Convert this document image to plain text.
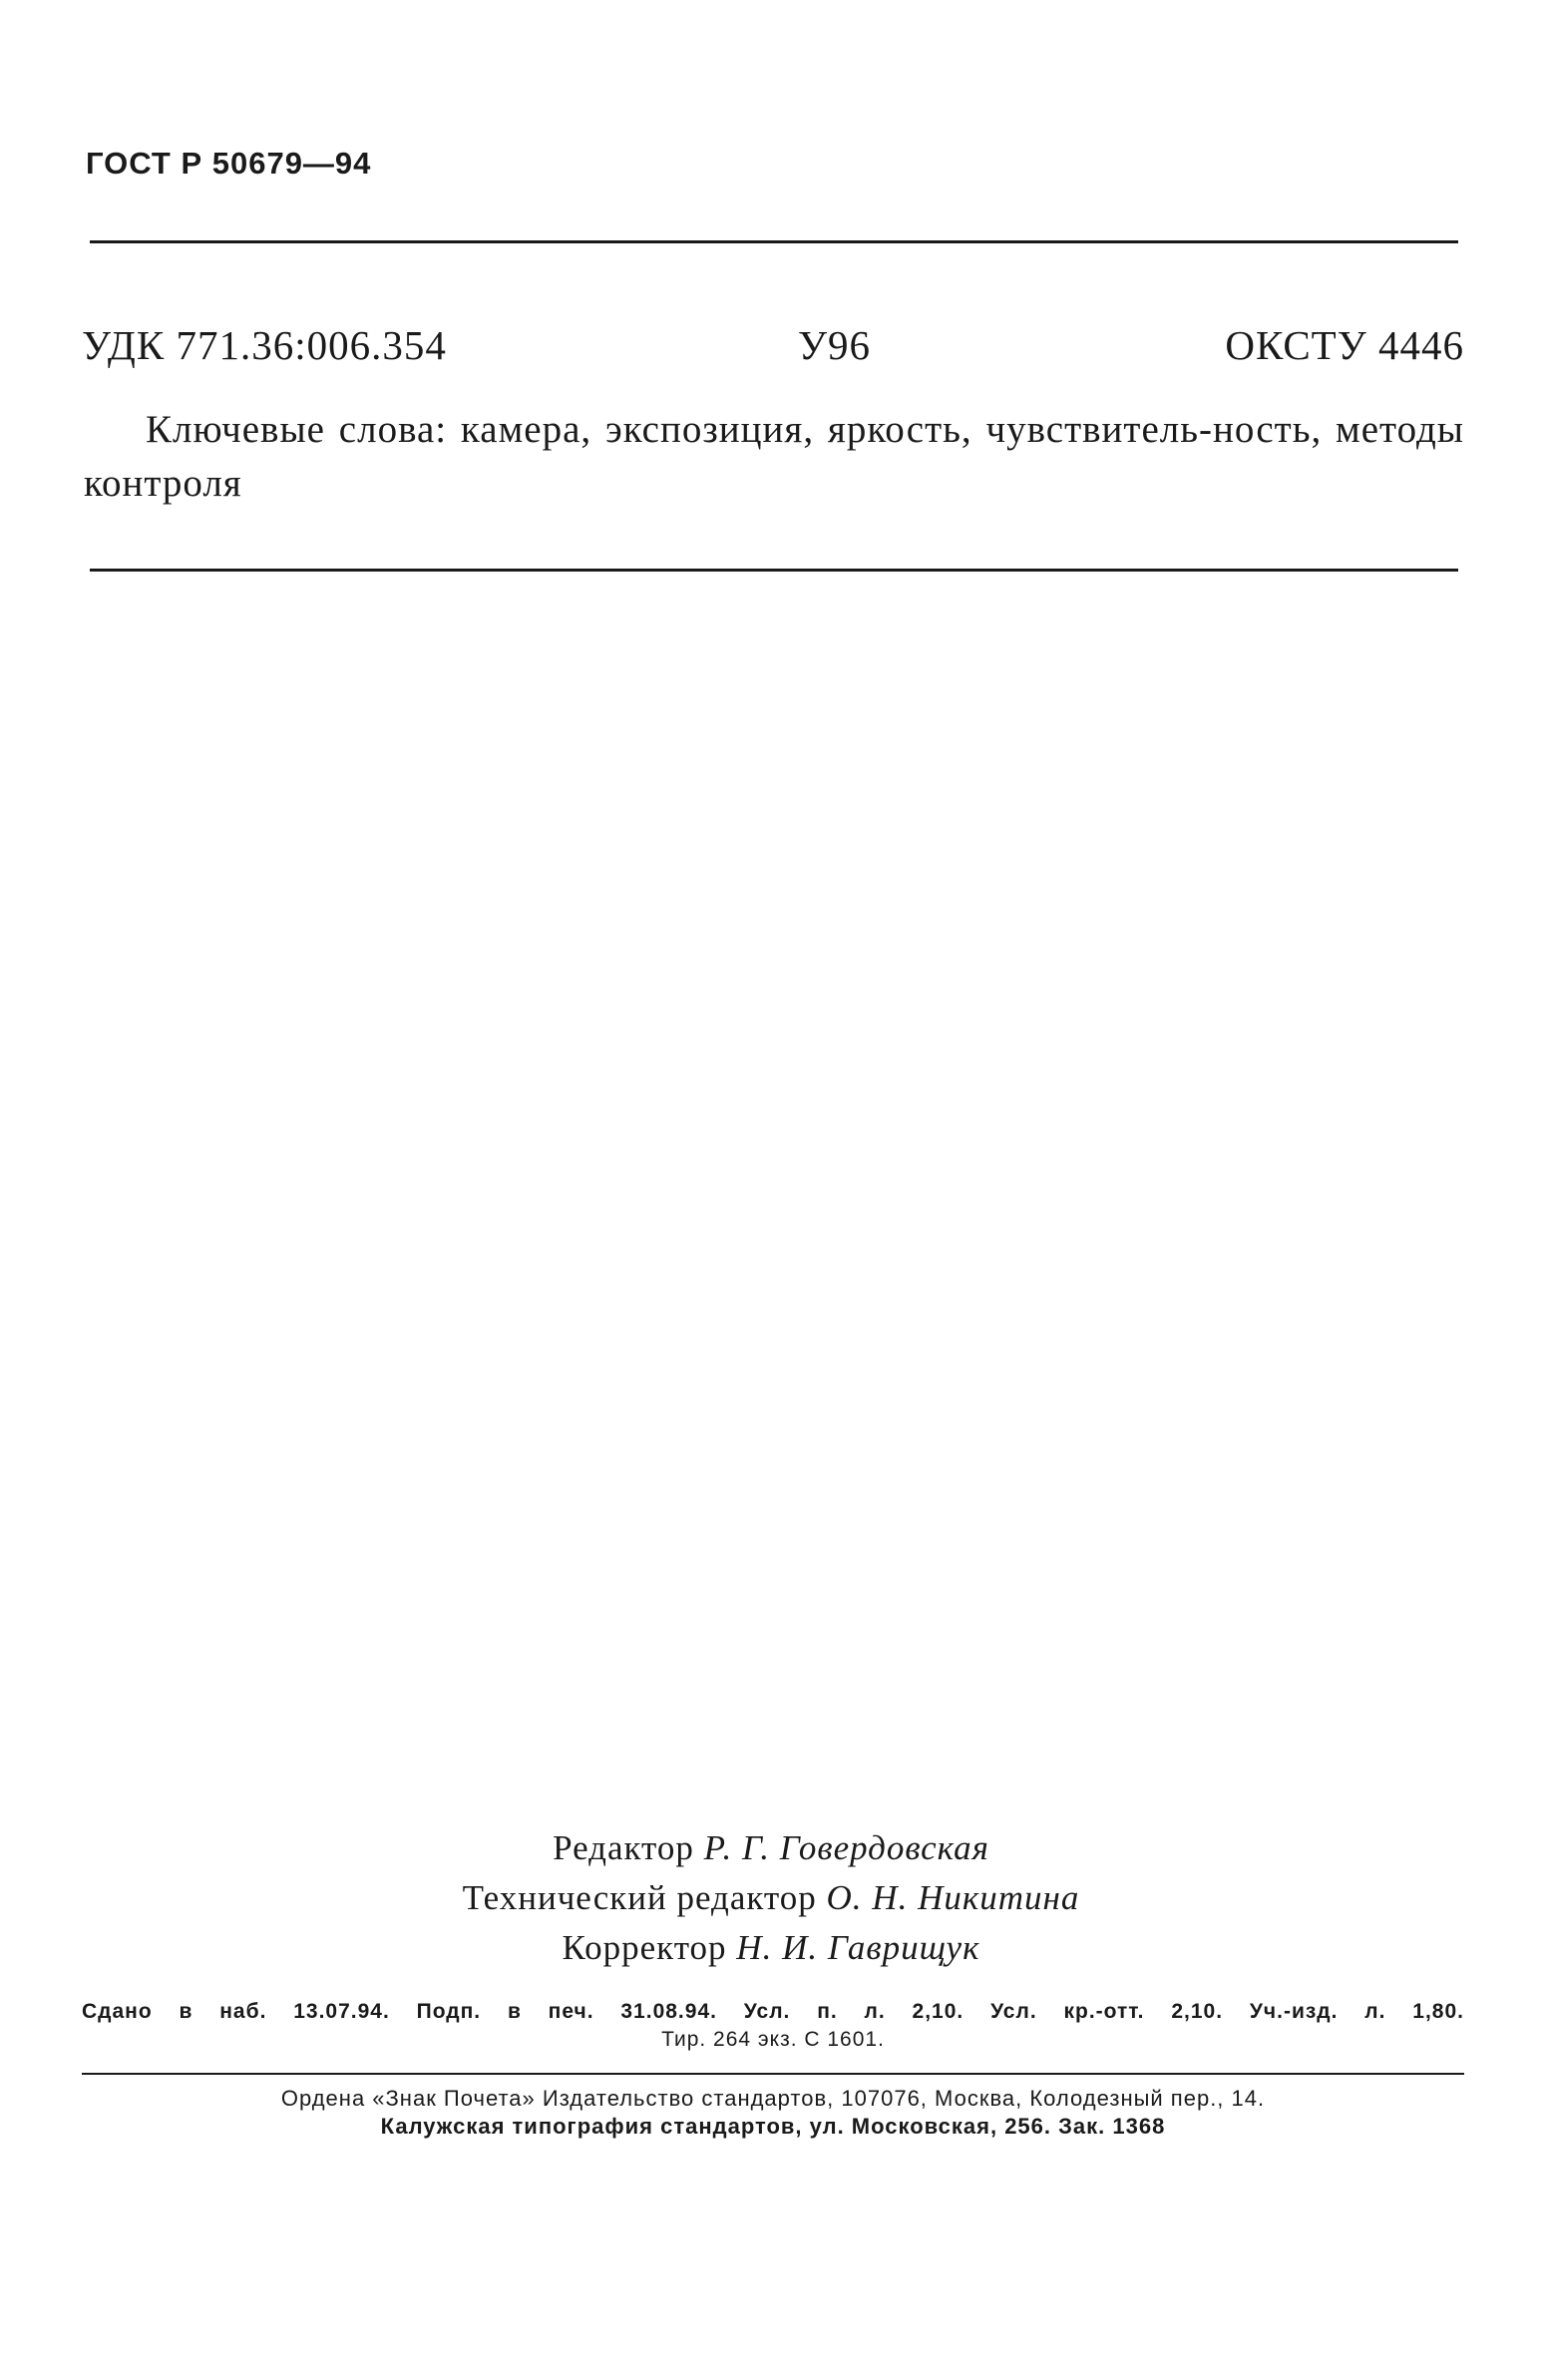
ГОСТ Р 50679—94
УДК 771.36:006.354	У96	ОКСТУ 4446
Ключевые слова: камера, экспозиция, яркость, чувствитель-ность, методы контроля
Редактор Р. Г. Говердовская
Технический редактор О. Н. Никитина
Корректор Н. И. Гаврищук
Сдано в наб. 13.07.94. Подп. в печ. 31.08.94. Усл. п. л. 2,10. Усл. кр.-отт. 2,10. Уч.-изд. л. 1,80.
Тир. 264 экз. С 1601.
Ордена «Знак Почета» Издательство стандартов, 107076, Москва, Колодезный пер., 14.
Калужская типография стандартов, ул. Московская, 256. Зак. 1368
